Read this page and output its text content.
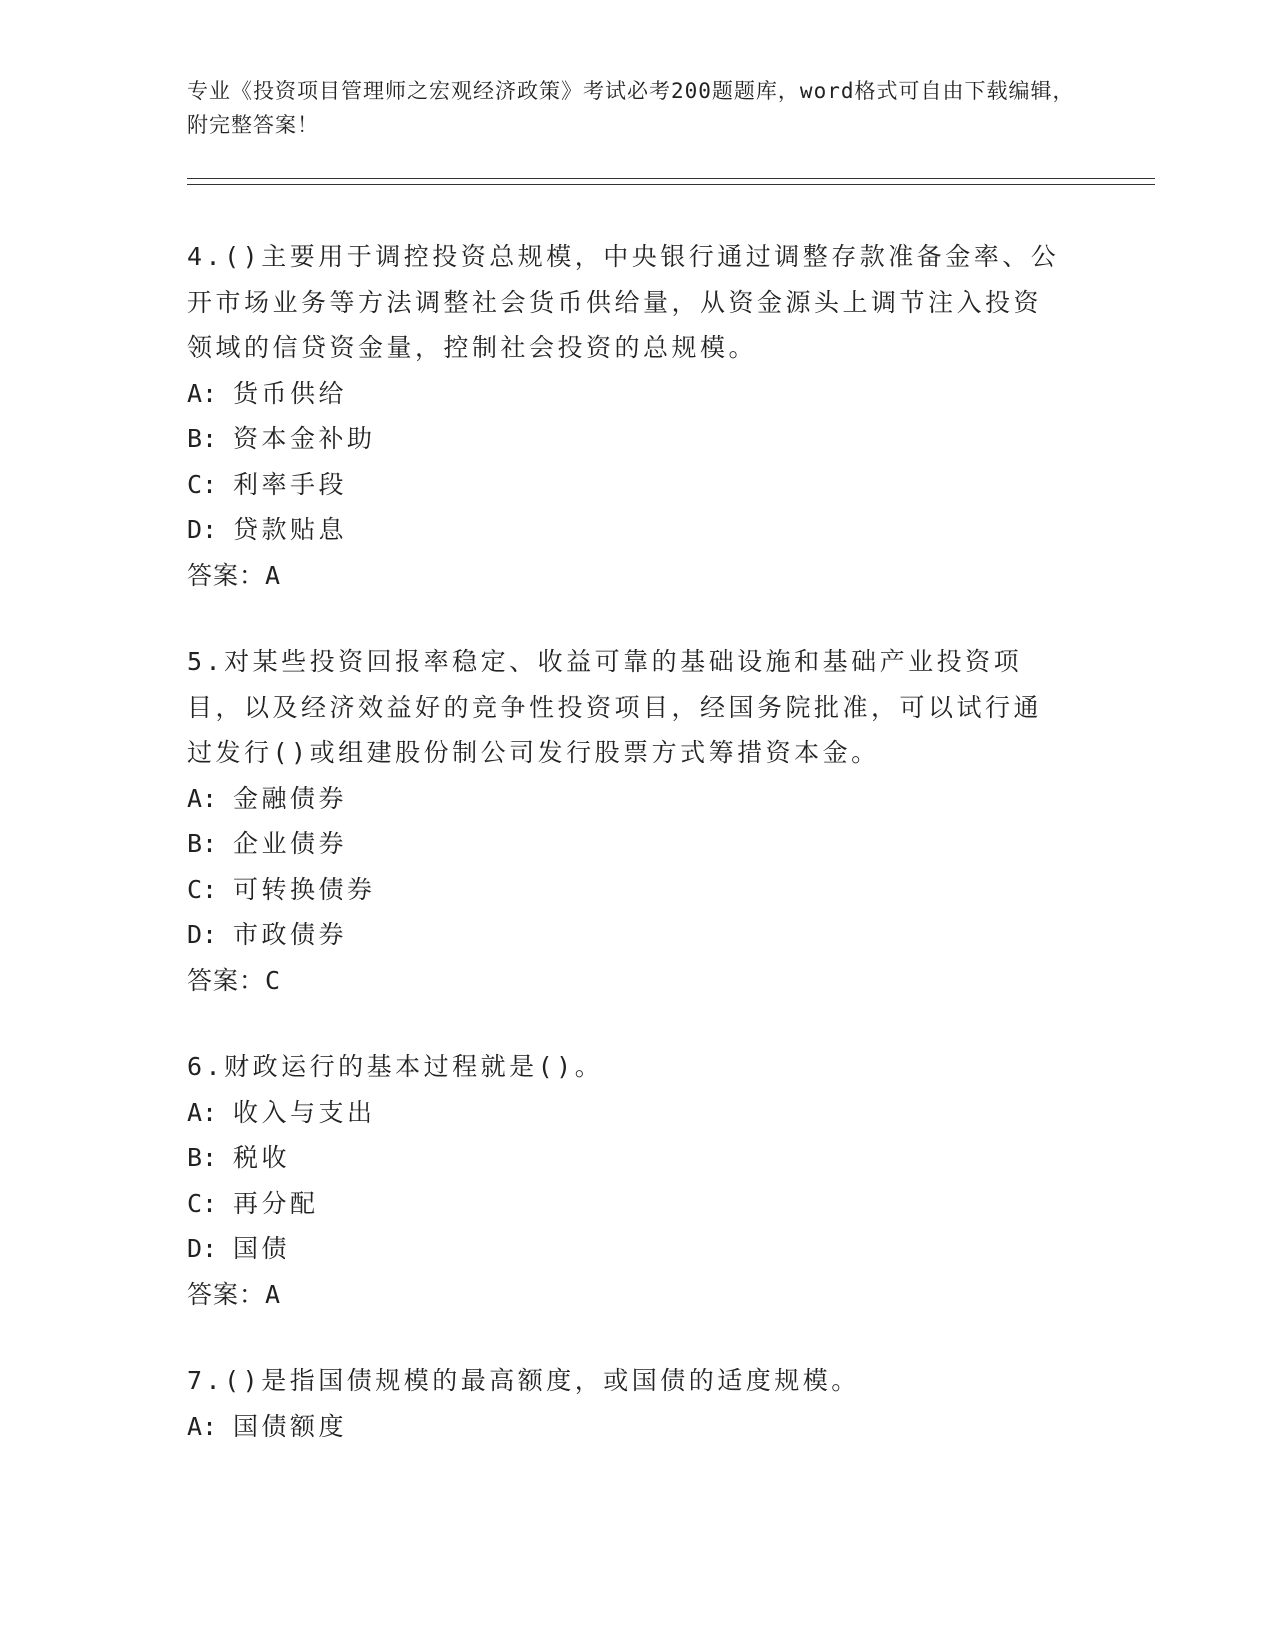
专业《投资项目管理师之宏观经济政策》考试必考200题题库，word格式可自由下载编辑，附完整答案！

4.()主要用于调控投资总规模，中央银行通过调整存款准备金率、公开市场业务等方法调整社会货币供给量，从资金源头上调节注入投资领域的信贷资金量，控制社会投资的总规模。

A: 货币供给

B: 资本金补助

C: 利率手段

D: 贷款贴息

答案：A

5.对某些投资回报率稳定、收益可靠的基础设施和基础产业投资项目，以及经济效益好的竞争性投资项目，经国务院批准，可以试行通过发行()或组建股份制公司发行股票方式筹措资本金。

A: 金融债券

B: 企业债券

C: 可转换债券

D: 市政债券

答案：C

6.财政运行的基本过程就是()。

A: 收入与支出

B: 税收

C: 再分配

D: 国债

答案：A

7.()是指国债规模的最高额度，或国债的适度规模。

A: 国债额度
